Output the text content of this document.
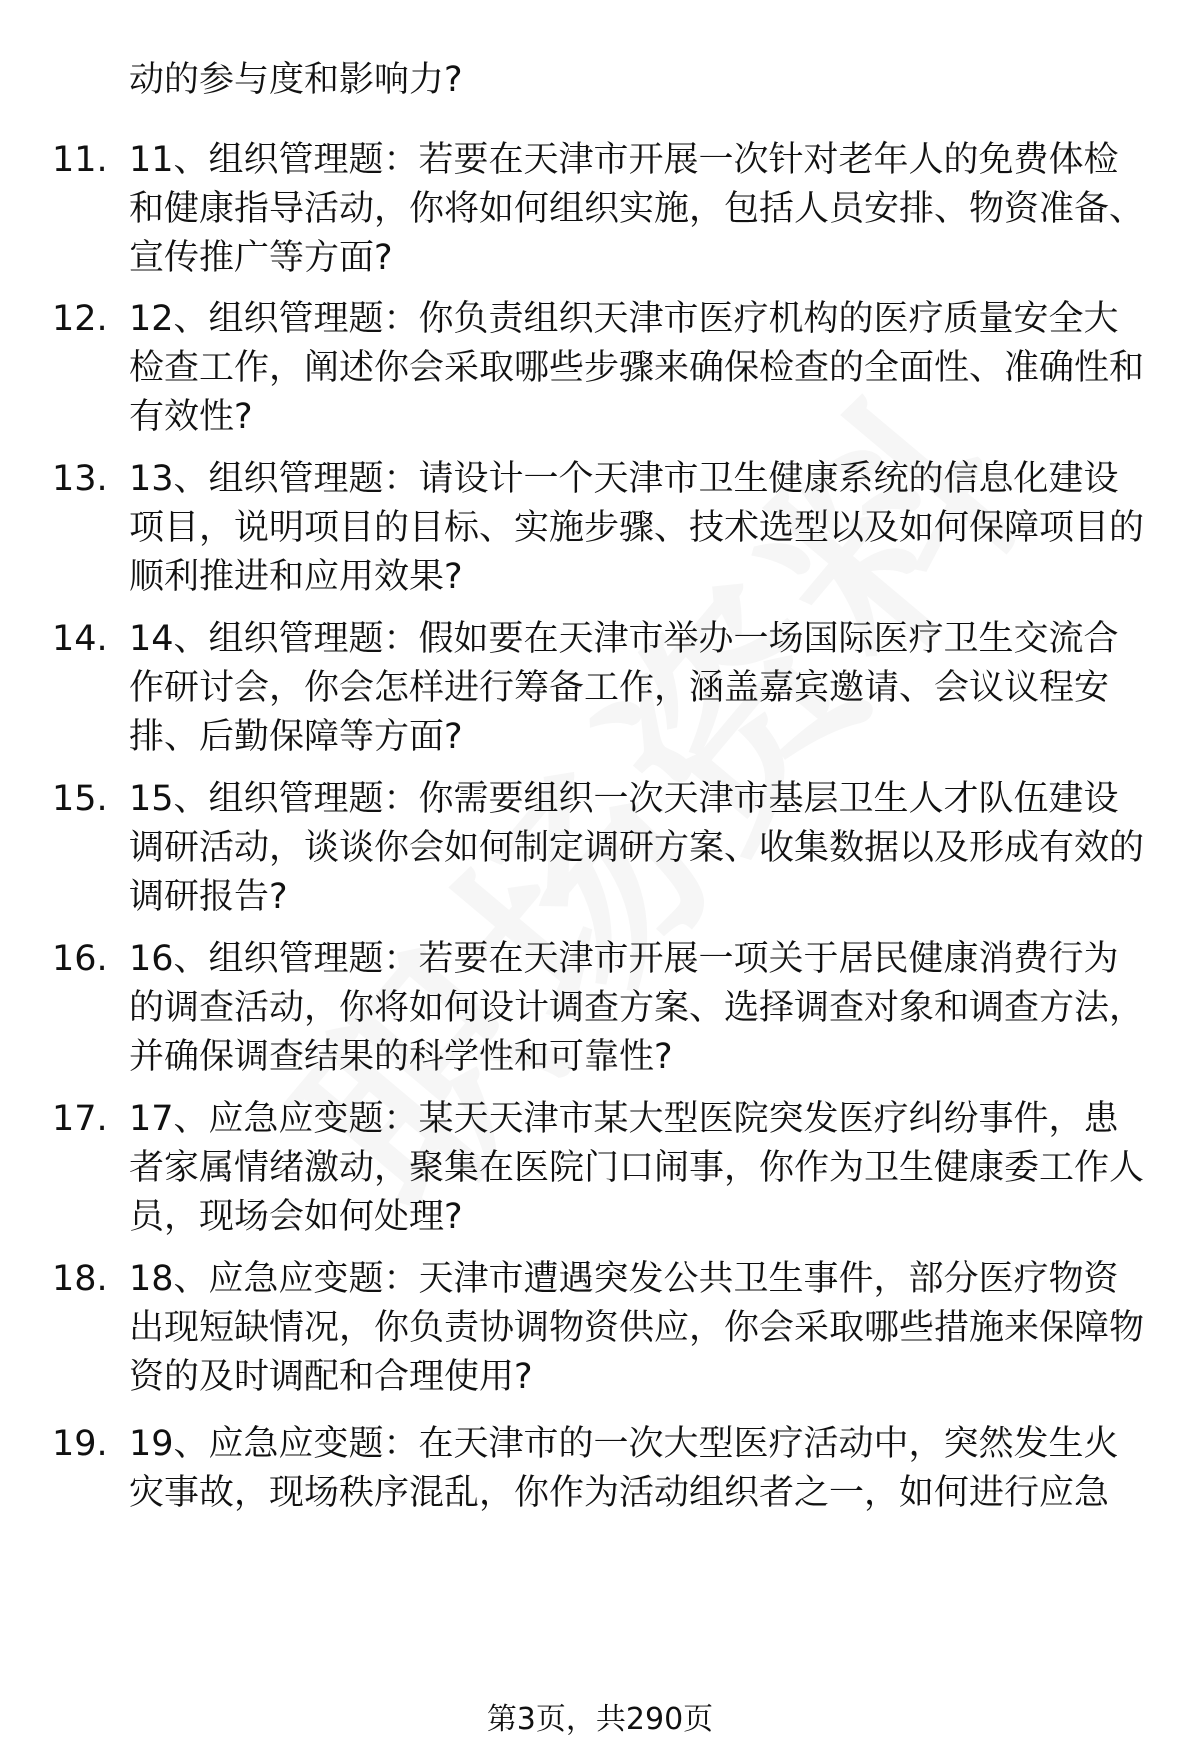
动的参与度和影响力?
11. 11、组织管理题：若要在天津市开展一次针对老年人的免费体检和健康指导活动，你将如何组织实施，包括人员安排、物资准备、宣传推广等方面?
12. 12、组织管理题：你负责组织天津市医疗机构的医疗质量安全大检查工作，阐述你会采取哪些步骤来确保检查的全面性、准确性和有效性?
13. 13、组织管理题：请设计一个天津市卫生健康系统的信息化建设项目，说明项目的目标、实施步骤、技术选型以及如何保障项目的顺利推进和应用效果?
14. 14、组织管理题：假如要在天津市举办一场国际医疗卫生交流合作研讨会，你会怎样进行筹备工作，涵盖嘉宾邀请、会议议程安排、后勤保障等方面?
15. 15、组织管理题：你需要组织一次天津市基层卫生人才队伍建设调研活动，谈谈你会如何制定调研方案、收集数据以及形成有效的调研报告?
16. 16、组织管理题：若要在天津市开展一项关于居民健康消费行为的调查活动，你将如何设计调查方案、选择调查对象和调查方法，并确保调查结果的科学性和可靠性?
17. 17、应急应变题：某天天津市某大型医院突发医疗纠纷事件，患者家属情绪激动，聚集在医院门口闹事，你作为卫生健康委工作人员，现场会如何处理?
18. 18、应急应变题：天津市遭遇突发公共卫生事件，部分医疗物资出现短缺情况，你负责协调物资供应，你会采取哪些措施来保障物资的及时调配和合理使用?
19. 19、应急应变题：在天津市的一次大型医疗活动中，突然发生火灾事故，现场秩序混乱，你作为活动组织者之一，如何进行应急
第3页，共290页
